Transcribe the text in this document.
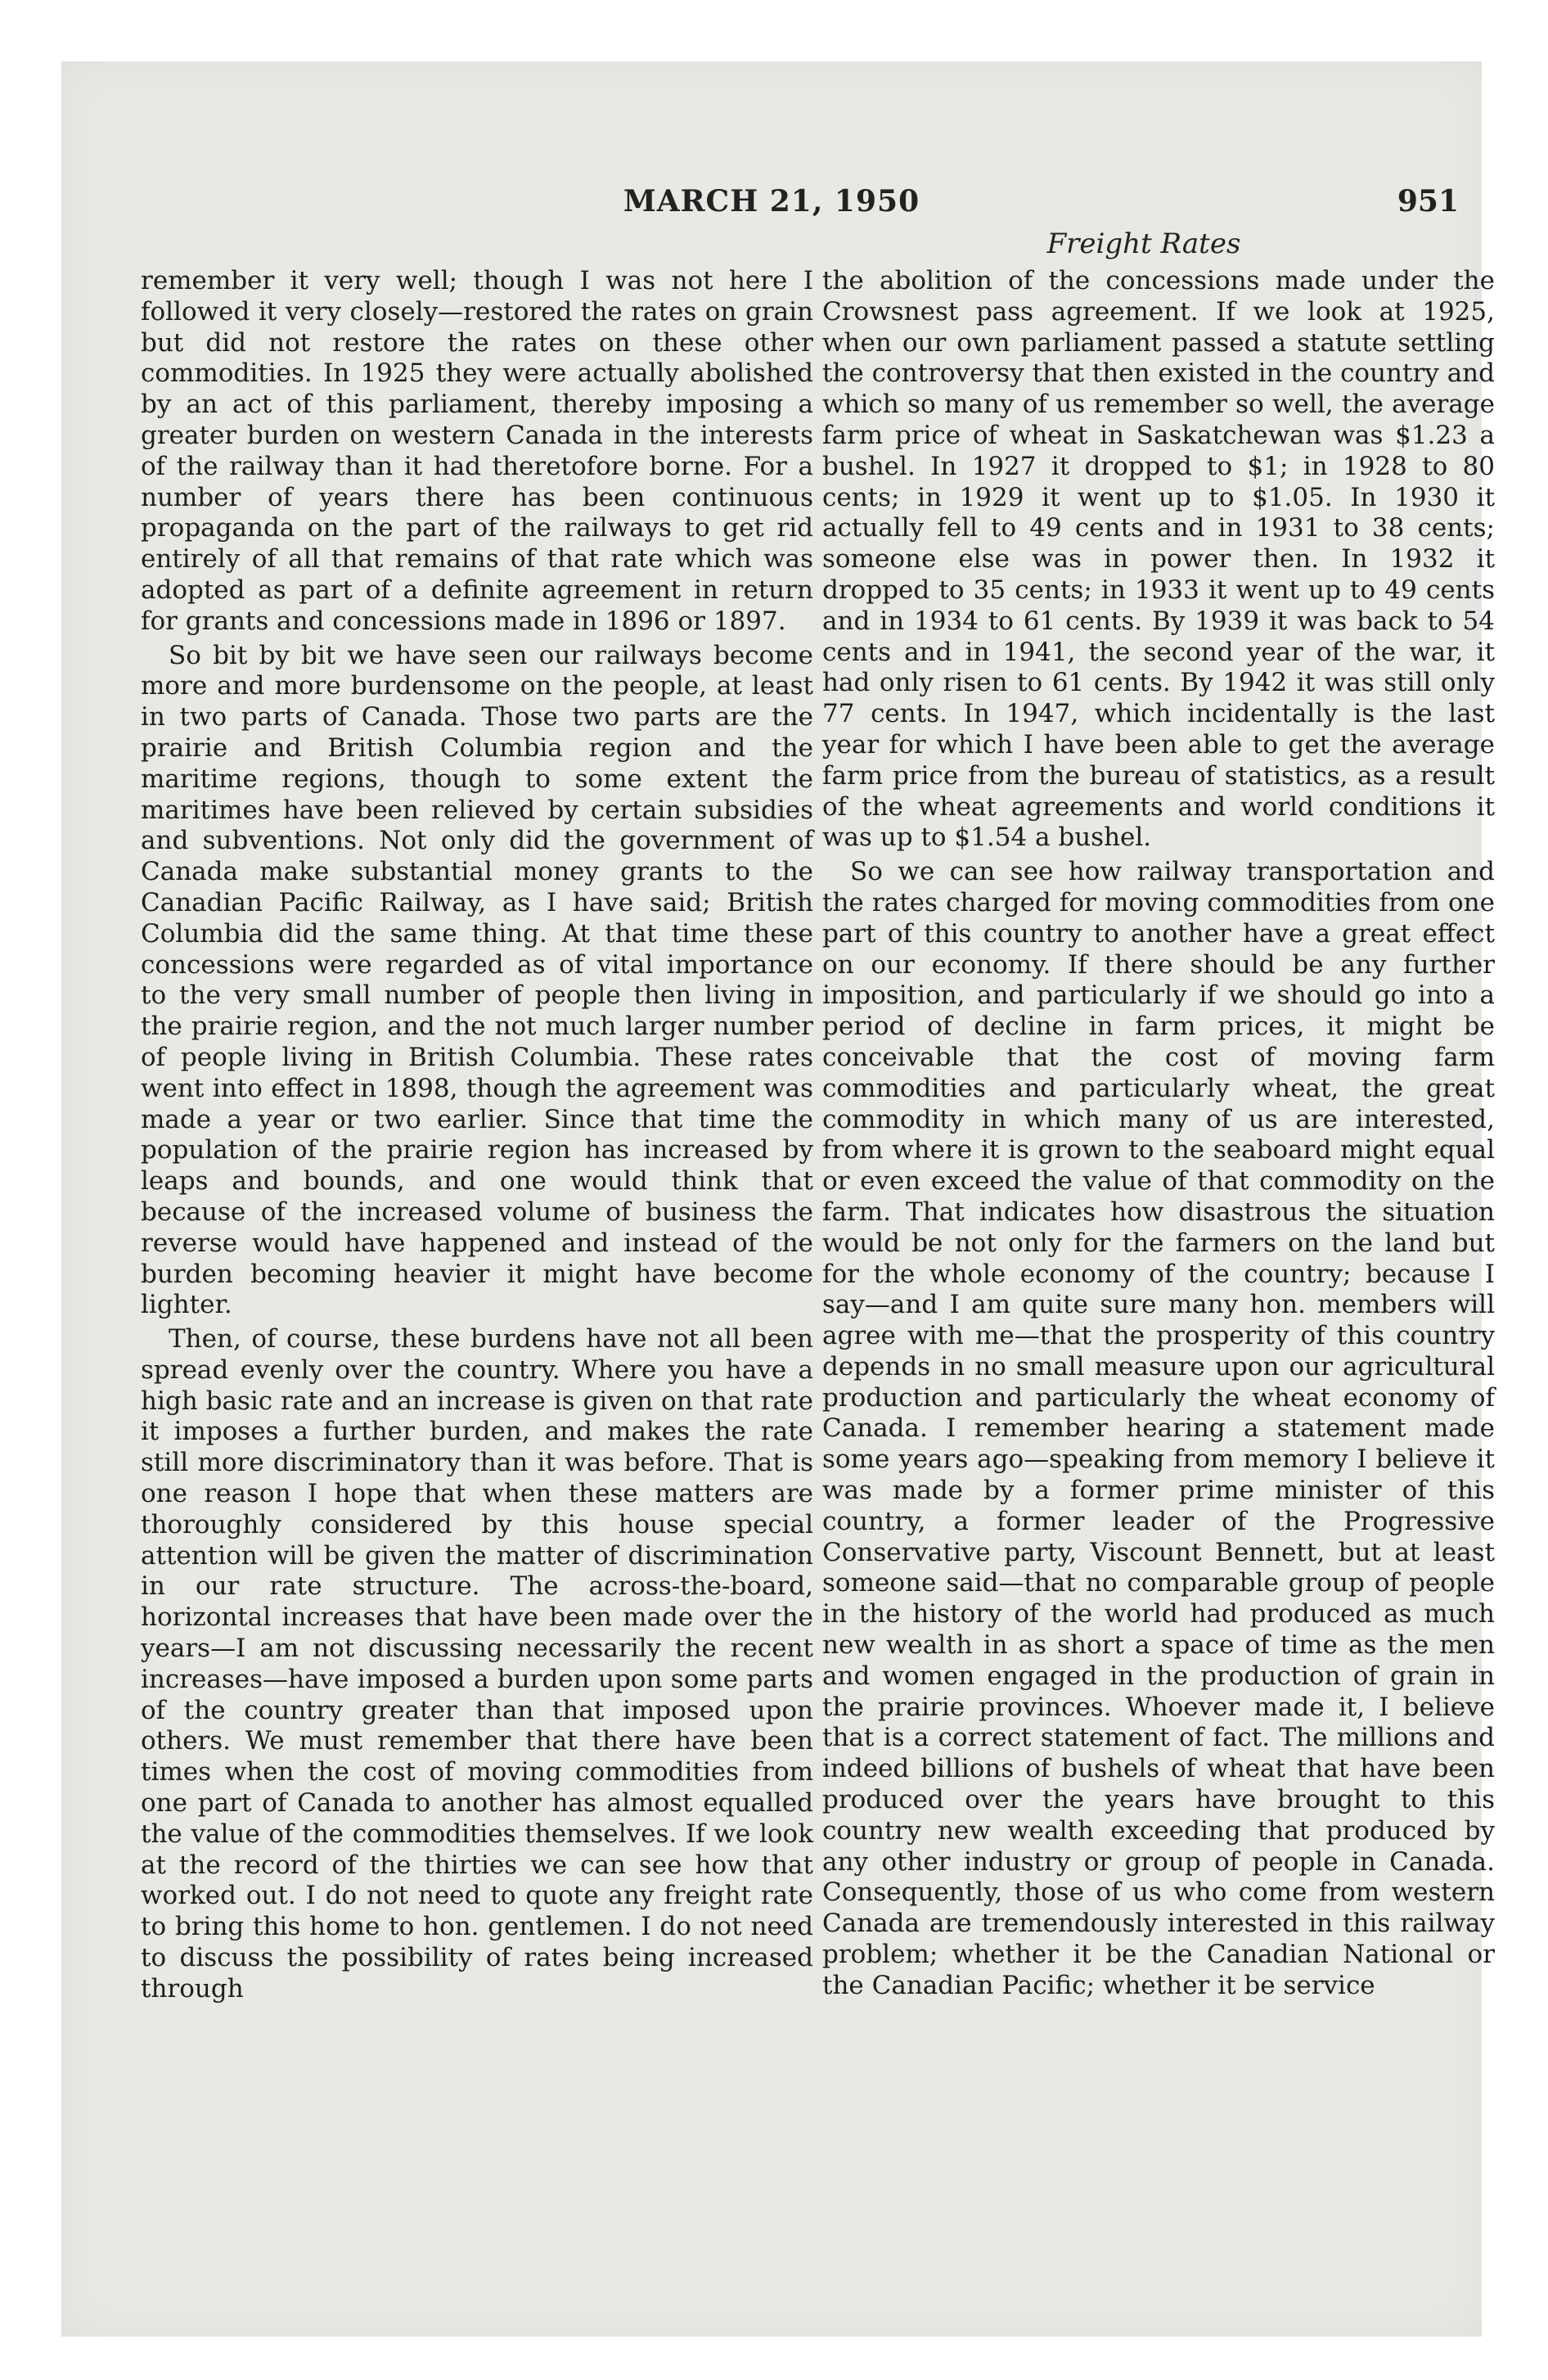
MARCH 21, 1950	951
Freight Rates

remember it very well; though I was not here I followed it very closely—restored the rates on grain but did not restore the rates on these other commodities. In 1925 they were actually abolished by an act of this parliament, thereby imposing a greater burden on western Canada in the interests of the railway than it had theretofore borne. For a number of years there has been continuous propaganda on the part of the railways to get rid entirely of all that remains of that rate which was adopted as part of a definite agreement in return for grants and concessions made in 1896 or 1897.

So bit by bit we have seen our railways become more and more burdensome on the people, at least in two parts of Canada. Those two parts are the prairie and British Columbia region and the maritime regions, though to some extent the maritimes have been relieved by certain subsidies and subventions. Not only did the government of Canada make substantial money grants to the Canadian Pacific Railway, as I have said; British Columbia did the same thing. At that time these concessions were regarded as of vital importance to the very small number of people then living in the prairie region, and the not much larger number of people living in British Columbia. These rates went into effect in 1898, though the agreement was made a year or two earlier. Since that time the population of the prairie region has increased by leaps and bounds, and one would think that because of the increased volume of business the reverse would have happened and instead of the burden becoming heavier it might have become lighter.

Then, of course, these burdens have not all been spread evenly over the country. Where you have a high basic rate and an increase is given on that rate it imposes a further burden, and makes the rate still more discriminatory than it was before. That is one reason I hope that when these matters are thoroughly considered by this house special attention will be given the matter of discrimination in our rate structure. The across-the-board, horizontal increases that have been made over the years—I am not discussing necessarily the recent increases—have imposed a burden upon some parts of the country greater than that imposed upon others. We must remember that there have been times when the cost of moving commodities from one part of Canada to another has almost equalled the value of the commodities themselves. If we look at the record of the thirties we can see how that worked out. I do not need to quote any freight rate to bring this home to hon. gentlemen. I do not need to discuss the possibility of rates being increased through

the abolition of the concessions made under the Crowsnest pass agreement. If we look at 1925, when our own parliament passed a statute settling the controversy that then existed in the country and which so many of us remember so well, the average farm price of wheat in Saskatchewan was $1.23 a bushel. In 1927 it dropped to $1; in 1928 to 80 cents; in 1929 it went up to $1.05. In 1930 it actually fell to 49 cents and in 1931 to 38 cents; someone else was in power then. In 1932 it dropped to 35 cents; in 1933 it went up to 49 cents and in 1934 to 61 cents. By 1939 it was back to 54 cents and in 1941, the second year of the war, it had only risen to 61 cents. By 1942 it was still only 77 cents. In 1947, which incidentally is the last year for which I have been able to get the average farm price from the bureau of statistics, as a result of the wheat agreements and world conditions it was up to $1.54 a bushel.

So we can see how railway transportation and the rates charged for moving commodities from one part of this country to another have a great effect on our economy. If there should be any further imposition, and particularly if we should go into a period of decline in farm prices, it might be conceivable that the cost of moving farm commodities and particularly wheat, the great commodity in which many of us are interested, from where it is grown to the seaboard might equal or even exceed the value of that commodity on the farm. That indicates how disastrous the situation would be not only for the farmers on the land but for the whole economy of the country; because I say—and I am quite sure many hon. members will agree with me—that the prosperity of this country depends in no small measure upon our agricultural production and particularly the wheat economy of Canada. I remember hearing a statement made some years ago—speaking from memory I believe it was made by a former prime minister of this country, a former leader of the Progressive Conservative party, Viscount Bennett, but at least someone said—that no comparable group of people in the history of the world had produced as much new wealth in as short a space of time as the men and women engaged in the production of grain in the prairie provinces. Whoever made it, I believe that is a correct statement of fact. The millions and indeed billions of bushels of wheat that have been produced over the years have brought to this country new wealth exceeding that produced by any other industry or group of people in Canada. Consequently, those of us who come from western Canada are tremendously interested in this railway problem; whether it be the Canadian National or the Canadian Pacific; whether it be service
